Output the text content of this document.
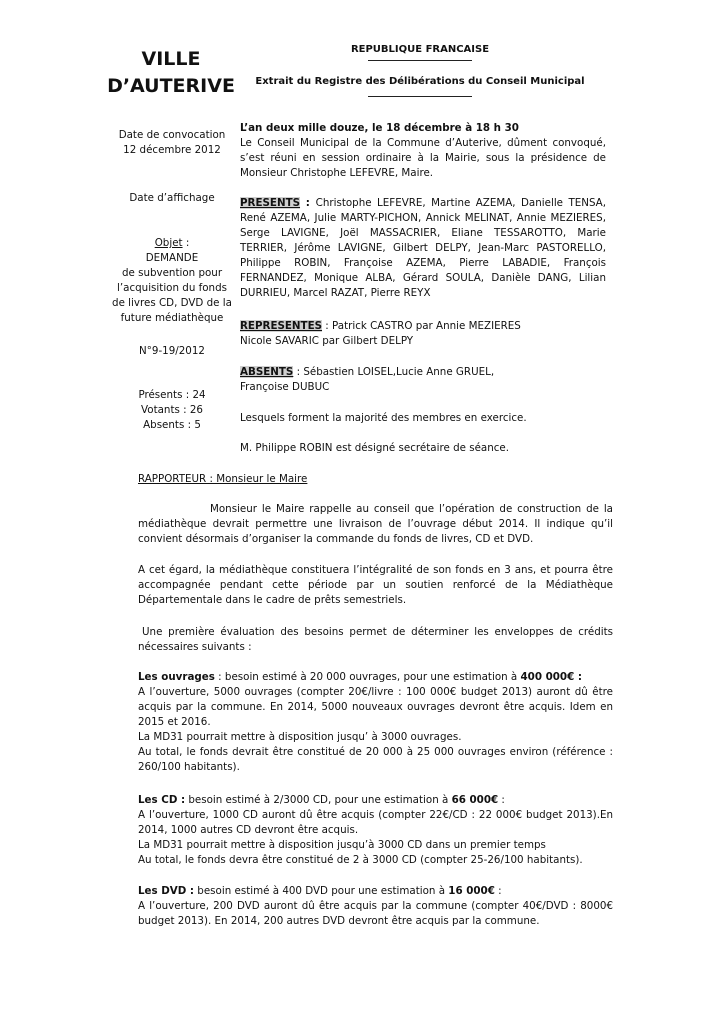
VILLE
D’AUTERIVE
REPUBLIQUE FRANCAISE
Extrait du Registre des Délibérations du Conseil Municipal
Date de convocation
12 décembre 2012
Date d’affichage
Objet :
DEMANDE
de subvention pour
l’acquisition du fonds
de livres CD, DVD de la
future médiathèque
N°9-19/2012
Présents : 24
Votants : 26
Absents : 5

L’an deux mille douze, le 18 décembre à 18 h 30

Le Conseil Municipal de la Commune d’Auterive, dûment convoqué, s’est réuni en session ordinaire à la Mairie, sous la présidence de Monsieur Christophe LEFEVRE, Maire.

PRESENTS : Christophe LEFEVRE, Martine AZEMA, Danielle TENSA, René AZEMA, Julie MARTY-PICHON, Annick MELINAT, Annie MEZIERES, Serge LAVIGNE, Joël MASSACRIER, Eliane TESSAROTTO, Marie TERRIER, Jérôme LAVIGNE, Gilbert DELPY, Jean-Marc PASTORELLO, Philippe ROBIN, Françoise AZEMA, Pierre LABADIE, François FERNANDEZ, Monique ALBA, Gérard SOULA, Danièle DANG, Lilian DURRIEU, Marcel RAZAT, Pierre REYX

REPRESENTES : Patrick CASTRO par Annie MEZIERES

Nicole SAVARIC par Gilbert DELPY

ABSENTS : Sébastien LOISEL,Lucie Anne GRUEL,

Françoise DUBUC

Lesquels forment la majorité des membres en exercice.
M. Philippe ROBIN est désigné secrétaire de séance.
RAPPORTEUR : Monsieur le Maire
Monsieur le Maire rappelle au conseil que l’opération de construction de la médiathèque devrait permettre une livraison de l’ouvrage début 2014. Il indique qu’il convient désormais d’organiser la commande du fonds de livres, CD et DVD.
A cet égard, la médiathèque constituera l’intégralité de son fonds en 3 ans, et pourra être accompagnée pendant cette période par un soutien renforcé de la Médiathèque Départementale dans le cadre de prêts semestriels.
Une première évaluation des besoins permet de déterminer les enveloppes de crédits nécessaires suivants :

Les ouvrages : besoin estimé à 20 000 ouvrages, pour une estimation à 400 000€ :

A l’ouverture, 5000 ouvrages (compter 20€/livre : 100 000€ budget 2013) auront dû être acquis par la commune. En 2014, 5000 nouveaux ouvrages devront être acquis. Idem en 2015 et 2016.

La MD31 pourrait mettre à disposition jusqu’ à 3000 ouvrages.

Au total, le fonds devrait être constitué de 20 000 à 25 000 ouvrages environ (référence : 260/100 habitants).

Les CD : besoin estimé à 2/3000 CD, pour une estimation à 66 000€ :

A l’ouverture, 1000 CD auront dû être acquis (compter 22€/CD : 22 000€ budget 2013).En 2014, 1000 autres CD devront être acquis.

La MD31 pourrait mettre à disposition jusqu’à 3000 CD dans un premier temps

Au total, le fonds devra être constitué de 2 à 3000 CD (compter 25-26/100 habitants).

Les DVD : besoin estimé à 400 DVD pour une estimation à 16 000€ :

A l’ouverture, 200 DVD auront dû être acquis par la commune (compter 40€/DVD : 8000€ budget 2013). En 2014, 200 autres DVD devront être acquis par la commune.
